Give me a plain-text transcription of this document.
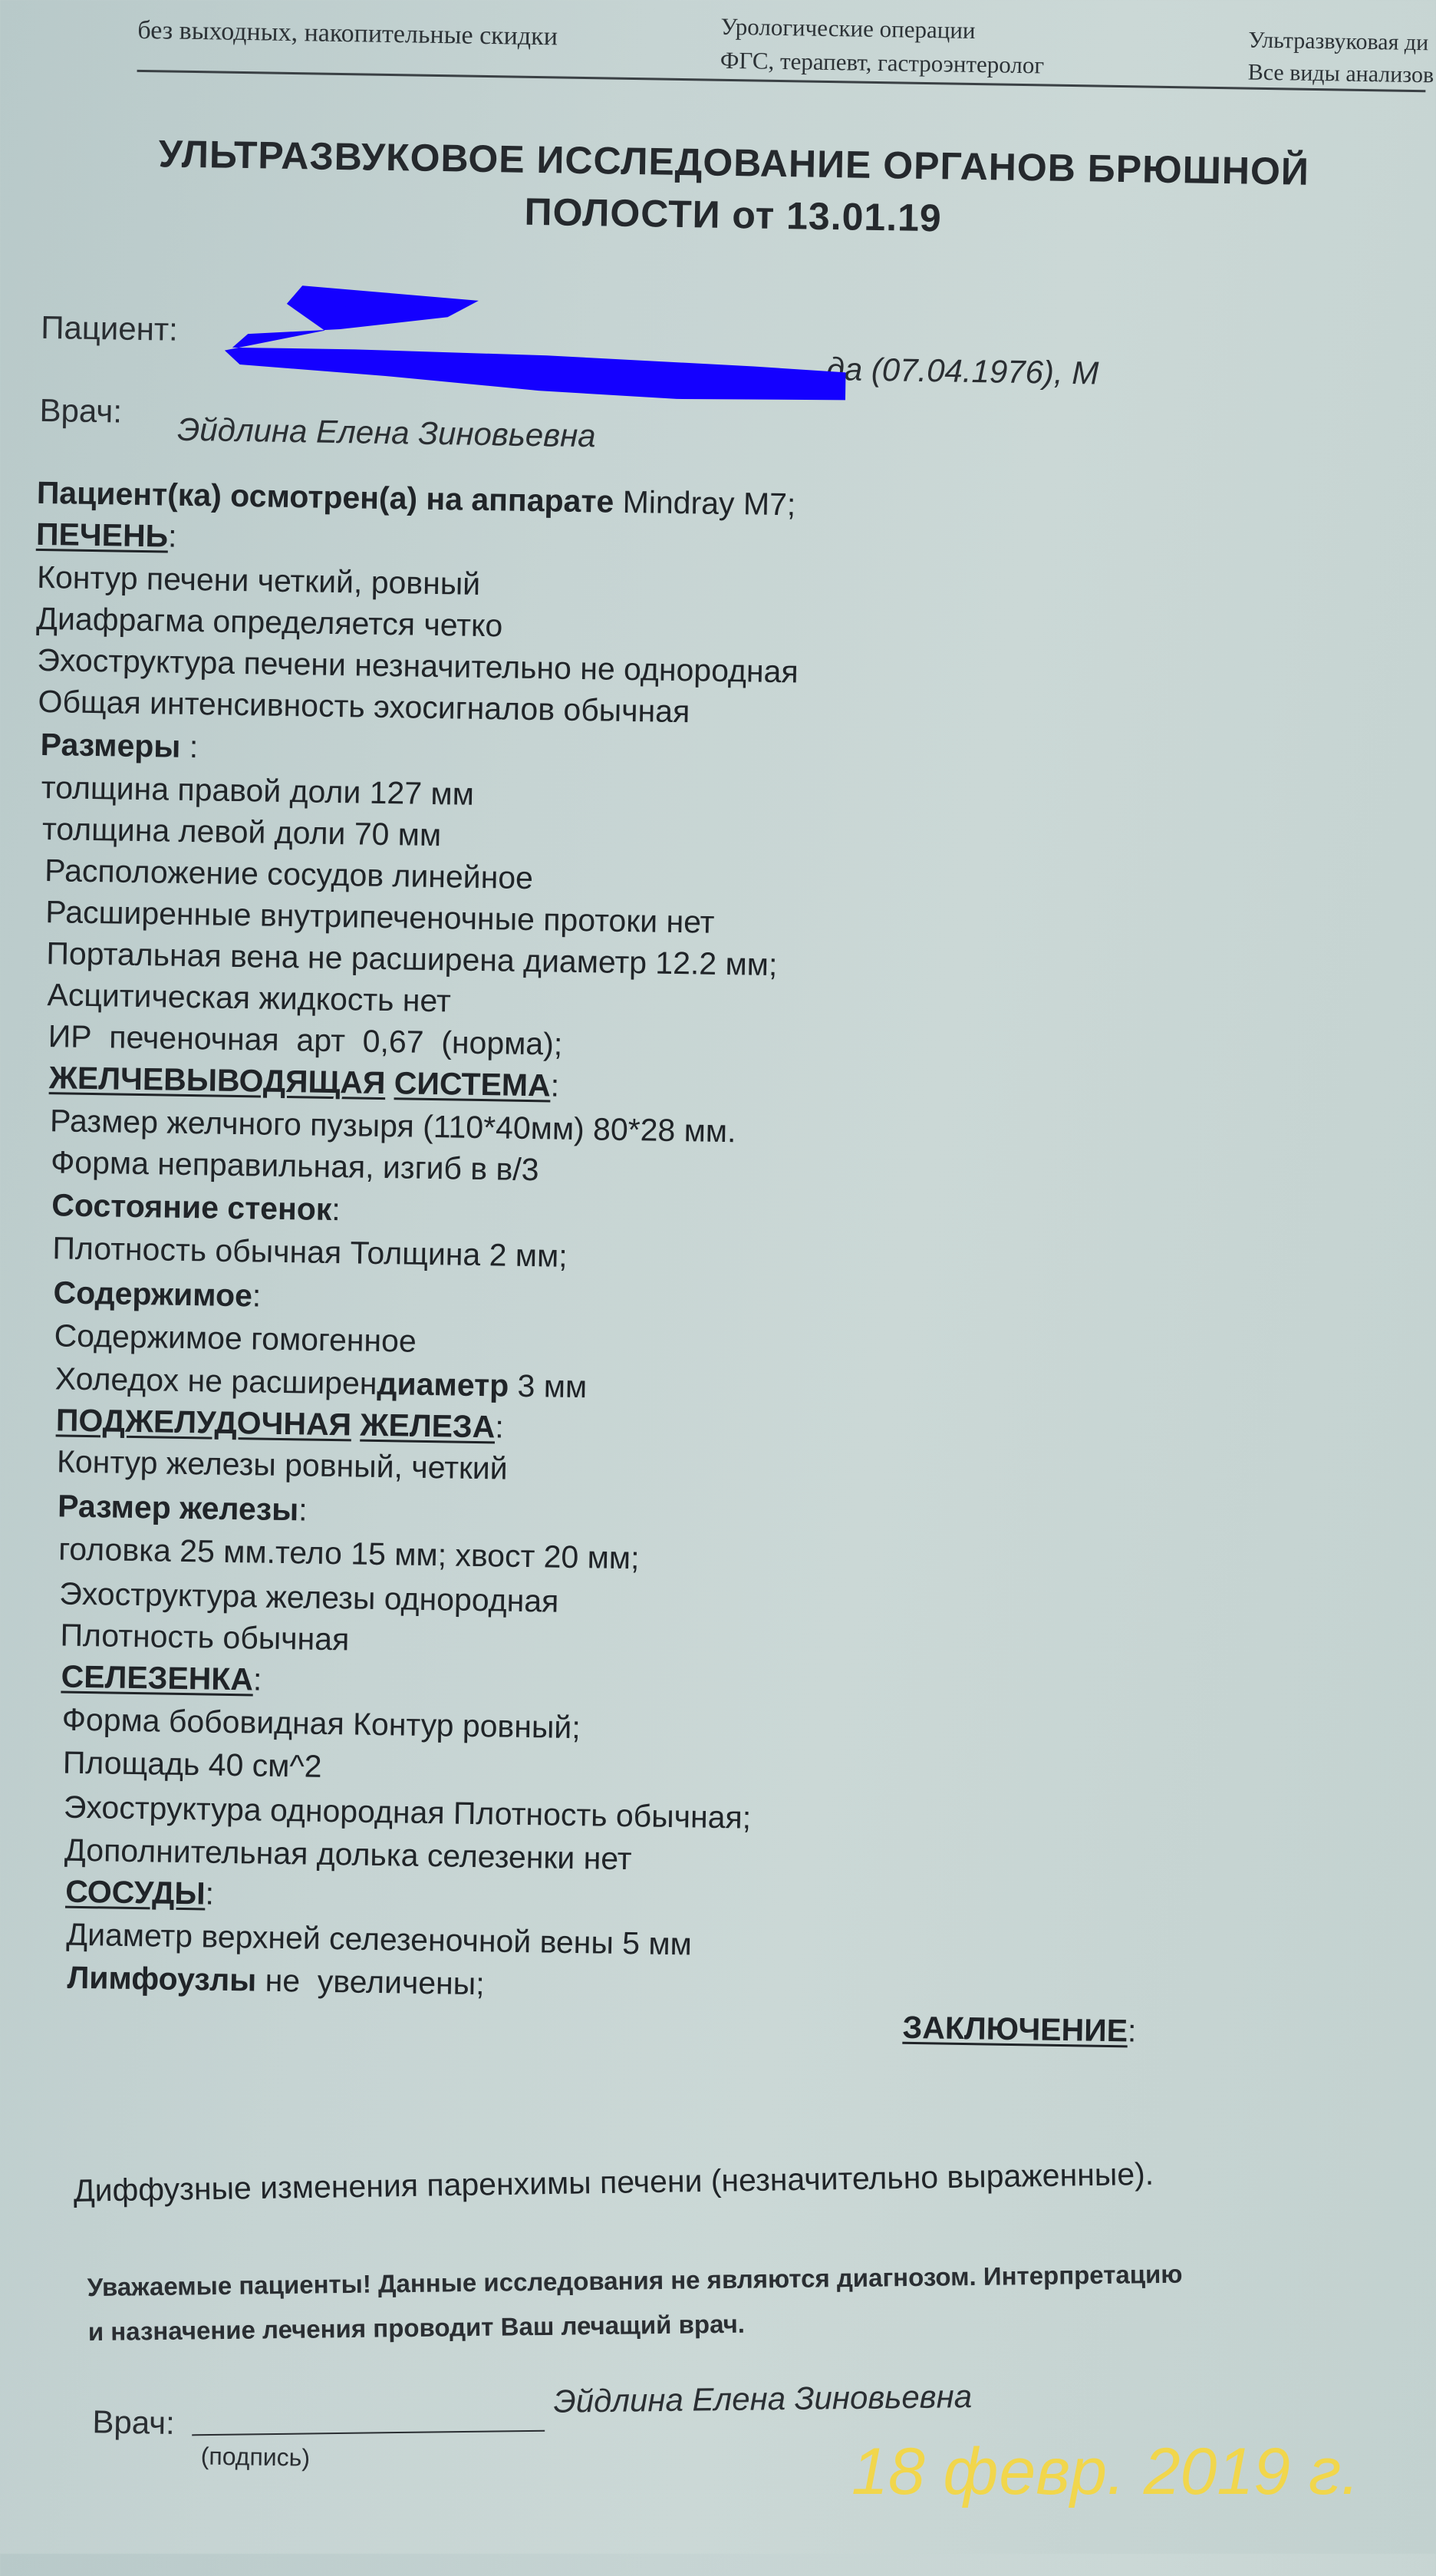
без выходных, накопительные скидки	Урологические операции
ФГС, терапевт, гастроэнтеролог
Ультразвуковая ди
Все виды анализов
УЛЬТРАЗВУКОВОЕ ИССЛЕДОВАНИЕ ОРГАНОВ БРЮШНОЙ
ПОЛОСТИ от 13.01.19
Пациент:
да (07.04.1976), М
Врач:
Эйдлина Елена Зиновьевна
Пациент(ка) осмотрен(а) на аппарате Mindray M7;
ПЕЧЕНЬ:
Контур печени четкий, ровный
Диафрагма определяется четко
Эхоструктура печени незначительно не однородная
Общая интенсивность эхосигналов обычная
Размеры :
толщина правой доли 127 мм
толщина левой доли 70 мм
Расположение сосудов линейное
Расширенные внутрипеченочные протоки нет
Портальная вена не расширена диаметр 12.2 мм;
Асцитическая жидкость нет
ИР  печеночная  арт  0,67  (норма);
ЖЕЛЧЕВЫВОДЯЩАЯ СИСТЕМА:
Размер желчного пузыря (110*40мм) 80*28 мм.
Форма неправильная, изгиб в в/3
Состояние стенок:
Плотность обычная Толщина 2 мм;
Содержимое:
Содержимое гомогенное
Холедох не расширендиаметр 3 мм
ПОДЖЕЛУДОЧНАЯ ЖЕЛЕЗА:
Контур железы ровный, четкий
Размер железы:
головка 25 мм.тело 15 мм; хвост 20 мм;
Эхоструктура железы однородная
Плотность обычная
СЕЛЕЗЕНКА:
Форма бобовидная Контур ровный;
Площадь 40 см^2
Эхоструктура однородная Плотность обычная;
Дополнительная долька селезенки нет
СОСУДЫ:
Диаметр верхней селезеночной вены 5 мм
Лимфоузлы не  увеличены;
ЗАКЛЮЧЕНИЕ:
Диффузные изменения паренхимы печени (незначительно выраженные).
Уважаемые пациенты! Данные исследования не являются диагнозом. Интерпретацию
и назначение лечения проводит Ваш лечащий врач.
Врач:
Эйдлина Елена Зиновьевна
(подпись)	18 февр. 2019 г.
